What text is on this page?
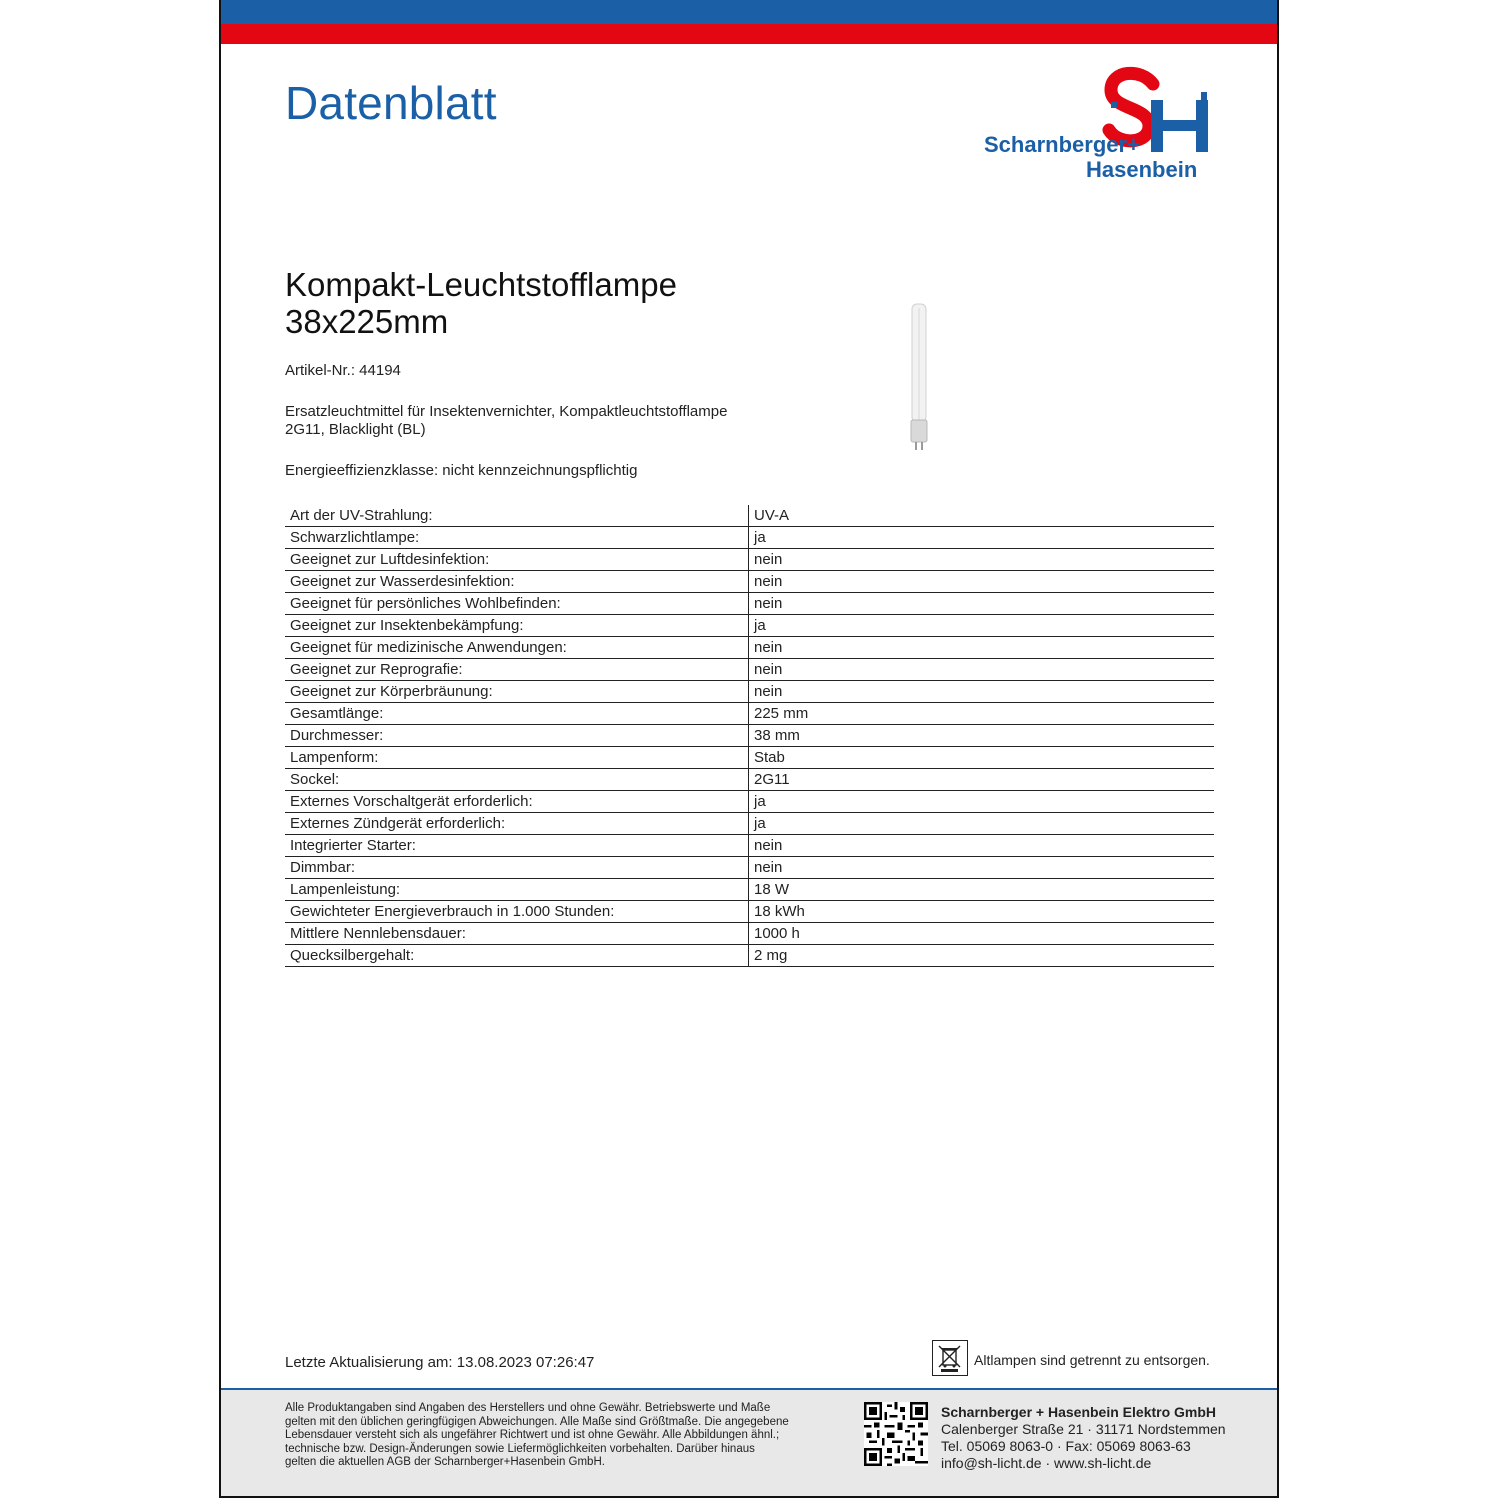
Datenblatt
Scharnberger+
Hasenbein
Kompakt-Leuchtstofflampe
38x225mm
Artikel-Nr.: 44194
Ersatzleuchtmittel für Insektenvernichter, Kompaktleuchtstofflampe
2G11, Blacklight (BL)
Energieeffizienzklasse: nicht kennzeichnungspflichtig
Art der UV-Strahlung:	UV-A
Schwarzlichtlampe:	ja
Geeignet zur Luftdesinfektion:	nein
Geeignet zur Wasserdesinfektion:	nein
Geeignet für persönliches Wohlbefinden:	nein
Geeignet zur Insektenbekämpfung:	ja
Geeignet für medizinische Anwendungen:	nein
Geeignet zur Reprografie:	nein
Geeignet zur Körperbräunung:	nein
Gesamtlänge:	225 mm
Durchmesser:	38 mm
Lampenform:	Stab
Sockel:	2G11
Externes Vorschaltgerät erforderlich:	ja
Externes Zündgerät erforderlich:	ja
Integrierter Starter:	nein
Dimmbar:	nein
Lampenleistung:	18 W
Gewichteter Energieverbrauch in 1.000 Stunden:	18 kWh
Mittlere Nennlebensdauer:	1000 h
Quecksilbergehalt:	2 mg
Letzte Aktualisierung am: 13.08.2023 07:26:47	Altlampen sind getrennt zu entsorgen.

Alle Produktangaben sind Angaben des Herstellers und ohne Gewähr. Betriebswerte und Maße
gelten mit den üblichen geringfügigen Abweichungen. Alle Maße sind Größtmaße. Die angegebene
Lebensdauer versteht sich als ungefährer Richtwert und ist ohne Gewähr. Alle Abbildungen ähnl.;
technische bzw. Design-Änderungen sowie Liefermöglichkeiten vorbehalten. Darüber hinaus
gelten die aktuellen AGB der Scharnberger+Hasenbein GmbH.

Scharnberger + Hasenbein Elektro GmbH
Calenberger Straße 21 · 31171 Nordstemmen
Tel. 05069 8063-0 · Fax: 05069 8063-63
info@sh-licht.de · www.sh-licht.de
